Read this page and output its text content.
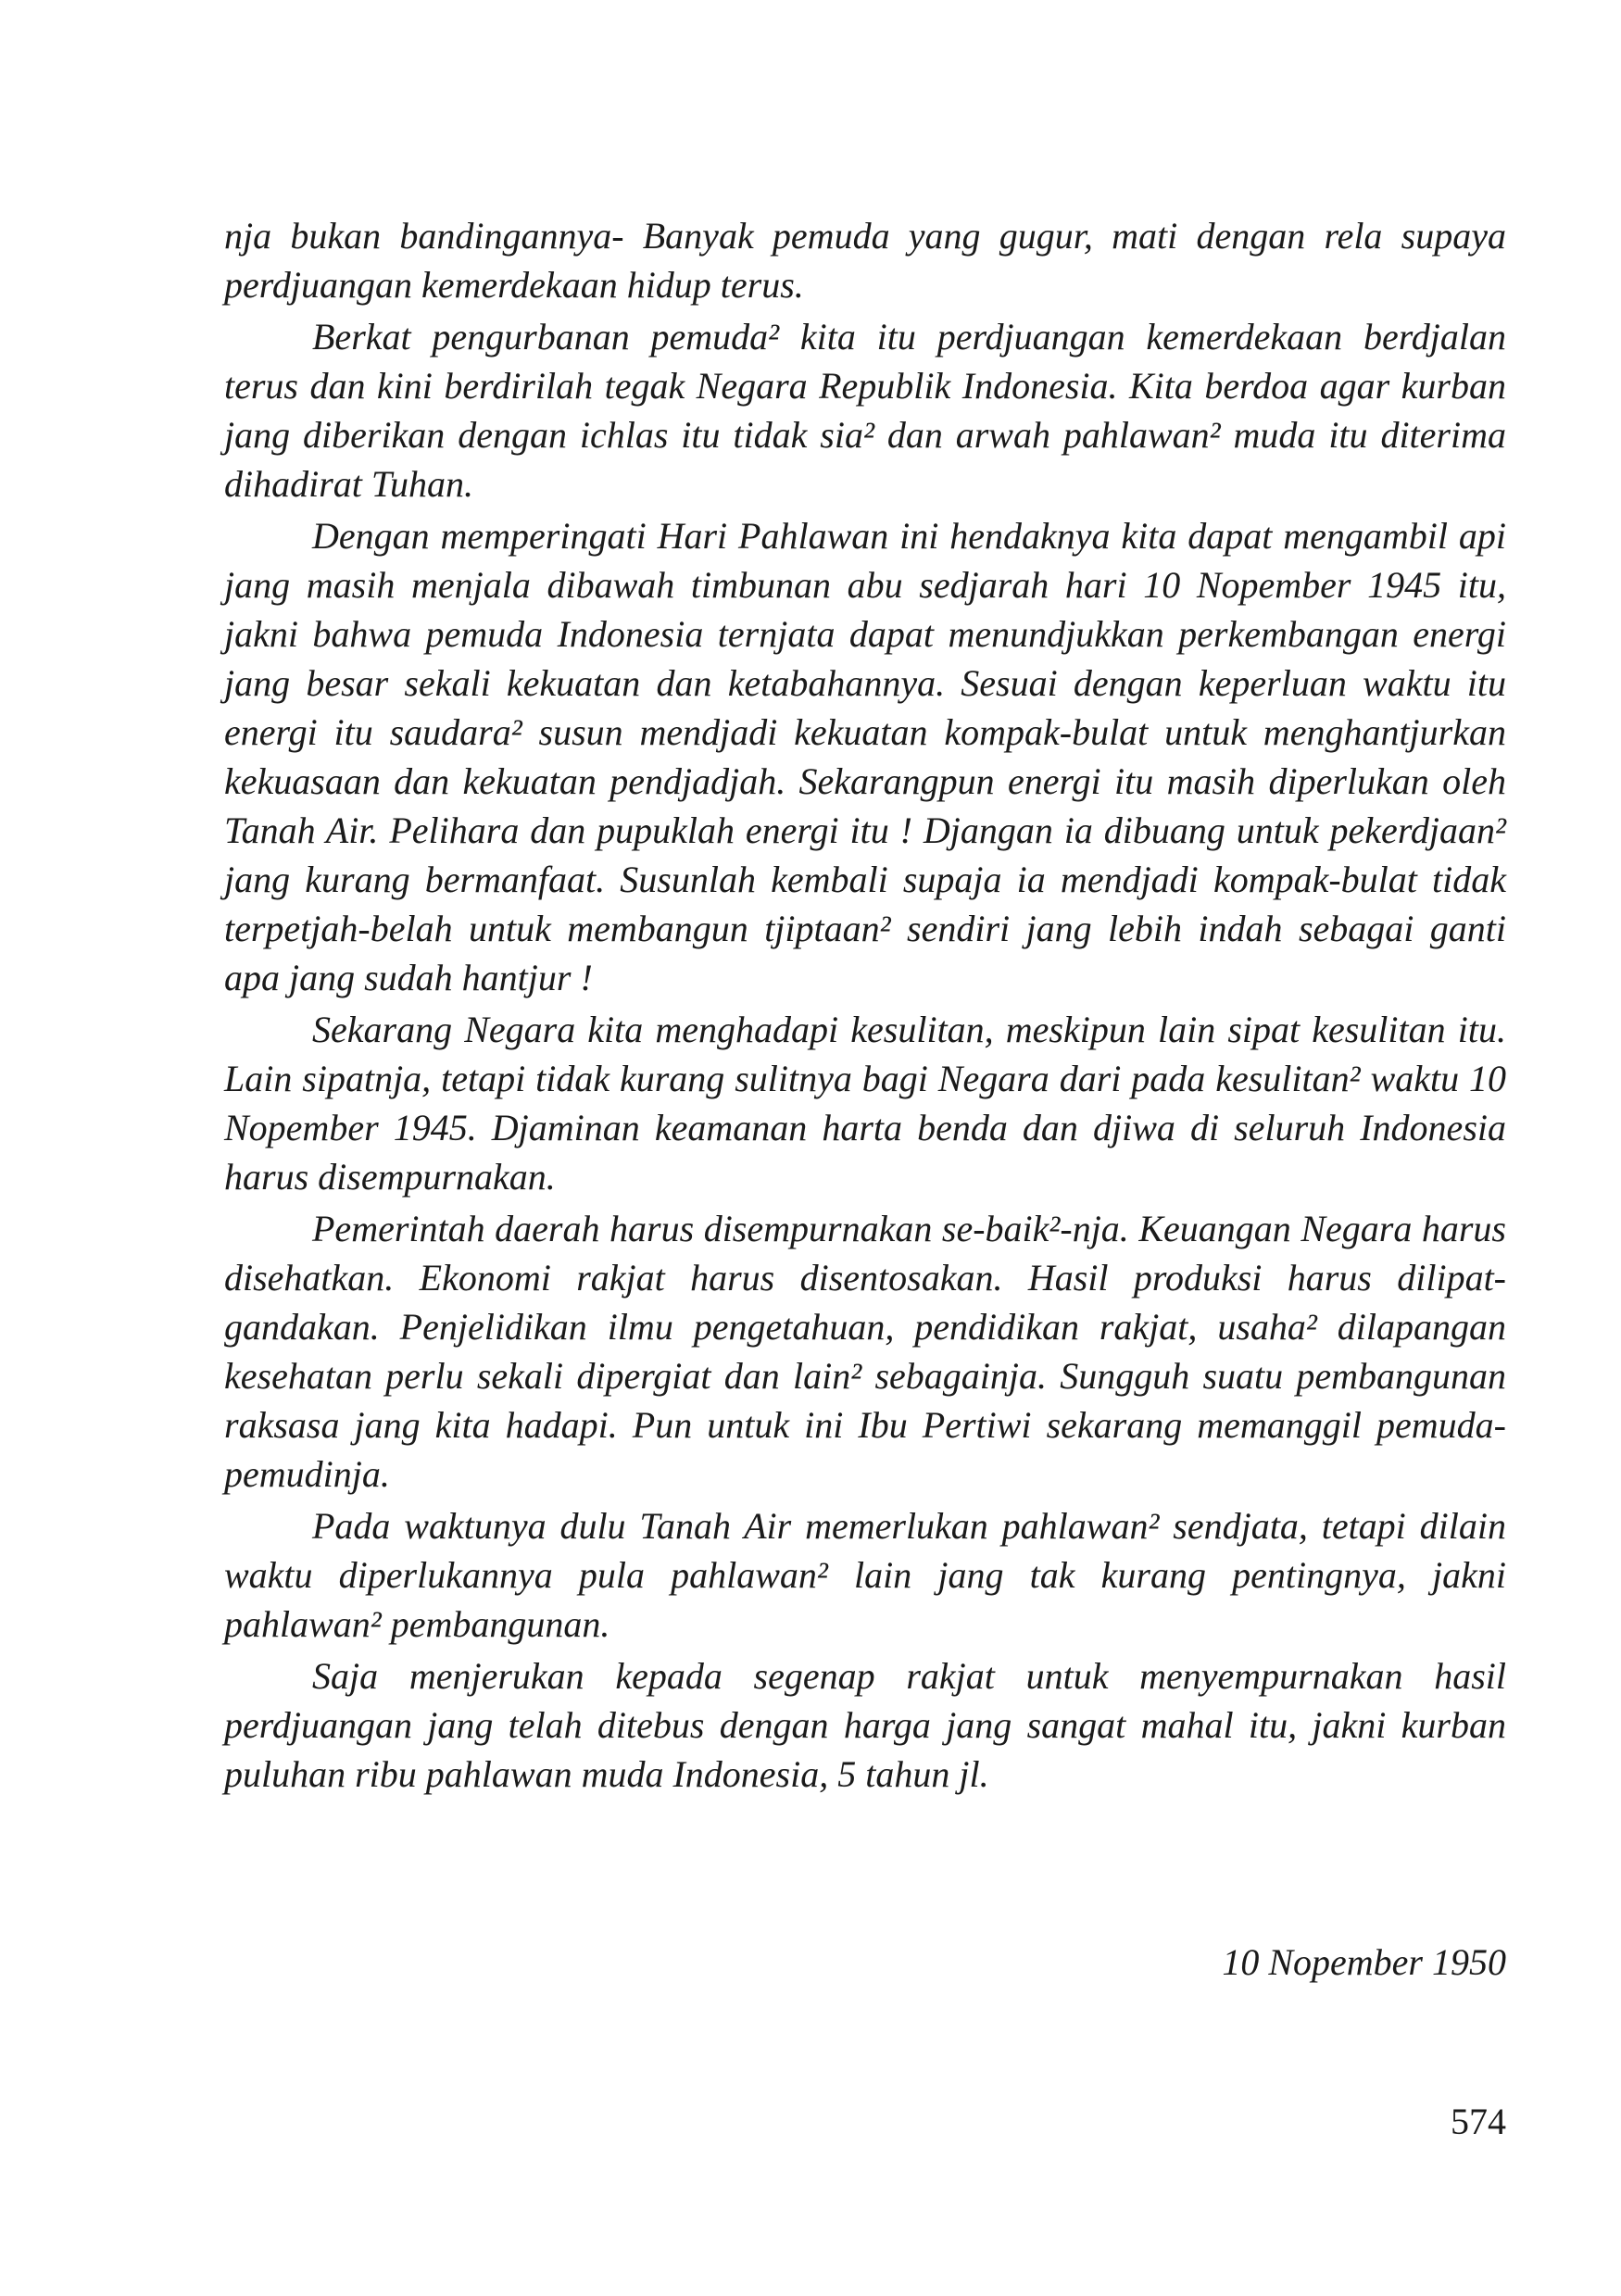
nja bukan bandingannya- Banyak pemuda yang gugur, mati dengan rela supaya perdjuangan kemerdekaan hidup terus.

Berkat pengurbanan pemuda² kita itu perdjuangan kemerdekaan berdjalan terus dan kini berdirilah tegak Negara Republik Indonesia. Kita berdoa agar kurban jang diberikan dengan ichlas itu tidak sia² dan arwah pahlawan² muda itu diterima dihadirat Tuhan.

Dengan memperingati Hari Pahlawan ini hendaknya kita dapat mengambil api jang masih menjala dibawah timbunan abu sedjarah hari 10 Nopember 1945 itu, jakni bahwa pemuda Indonesia ternjata dapat menundjukkan perkembangan energi jang besar sekali kekuatan dan ketabahannya. Sesuai dengan keperluan waktu itu energi itu saudara² susun mendjadi kekuatan kompak-bulat untuk menghantjurkan kekuasaan dan kekuatan pendjadjah. Sekarangpun energi itu masih diperlukan oleh Tanah Air. Pelihara dan pupuklah energi itu ! Djangan ia dibuang untuk pekerdjaan² jang kurang bermanfaat. Susunlah kembali supaja ia mendjadi kompak-bulat tidak terpetjah-belah untuk membangun tjiptaan² sendiri jang lebih indah sebagai ganti apa jang sudah hantjur !

Sekarang Negara kita menghadapi kesulitan, meskipun lain sipat kesulitan itu. Lain sipatnja, tetapi tidak kurang sulitnya bagi Negara dari pada kesulitan² waktu 10 Nopember 1945. Djaminan keamanan harta benda dan djiwa di seluruh Indonesia harus disempurnakan.

Pemerintah daerah harus disempurnakan se-baik²-nja. Keuangan Negara harus disehatkan. Ekonomi rakjat harus disentosakan. Hasil produksi harus dilipat-gandakan. Penjelidikan ilmu pengetahuan, pendidikan rakjat, usaha² dilapangan kesehatan perlu sekali dipergiat dan lain² sebagainja. Sungguh suatu pembangunan raksasa jang kita hadapi. Pun untuk ini Ibu Pertiwi sekarang memanggil pemuda-pemudinja.

Pada waktunya dulu Tanah Air memerlukan pahlawan² sendjata, tetapi dilain waktu diperlukannya pula pahlawan² lain jang tak kurang pentingnya, jakni pahlawan² pembangunan.

Saja menjerukan kepada segenap rakjat untuk menyempurnakan hasil perdjuangan jang telah ditebus dengan harga jang sangat mahal itu, jakni kurban puluhan ribu pahlawan muda Indonesia, 5 tahun jl.

10 Nopember 1950

574
